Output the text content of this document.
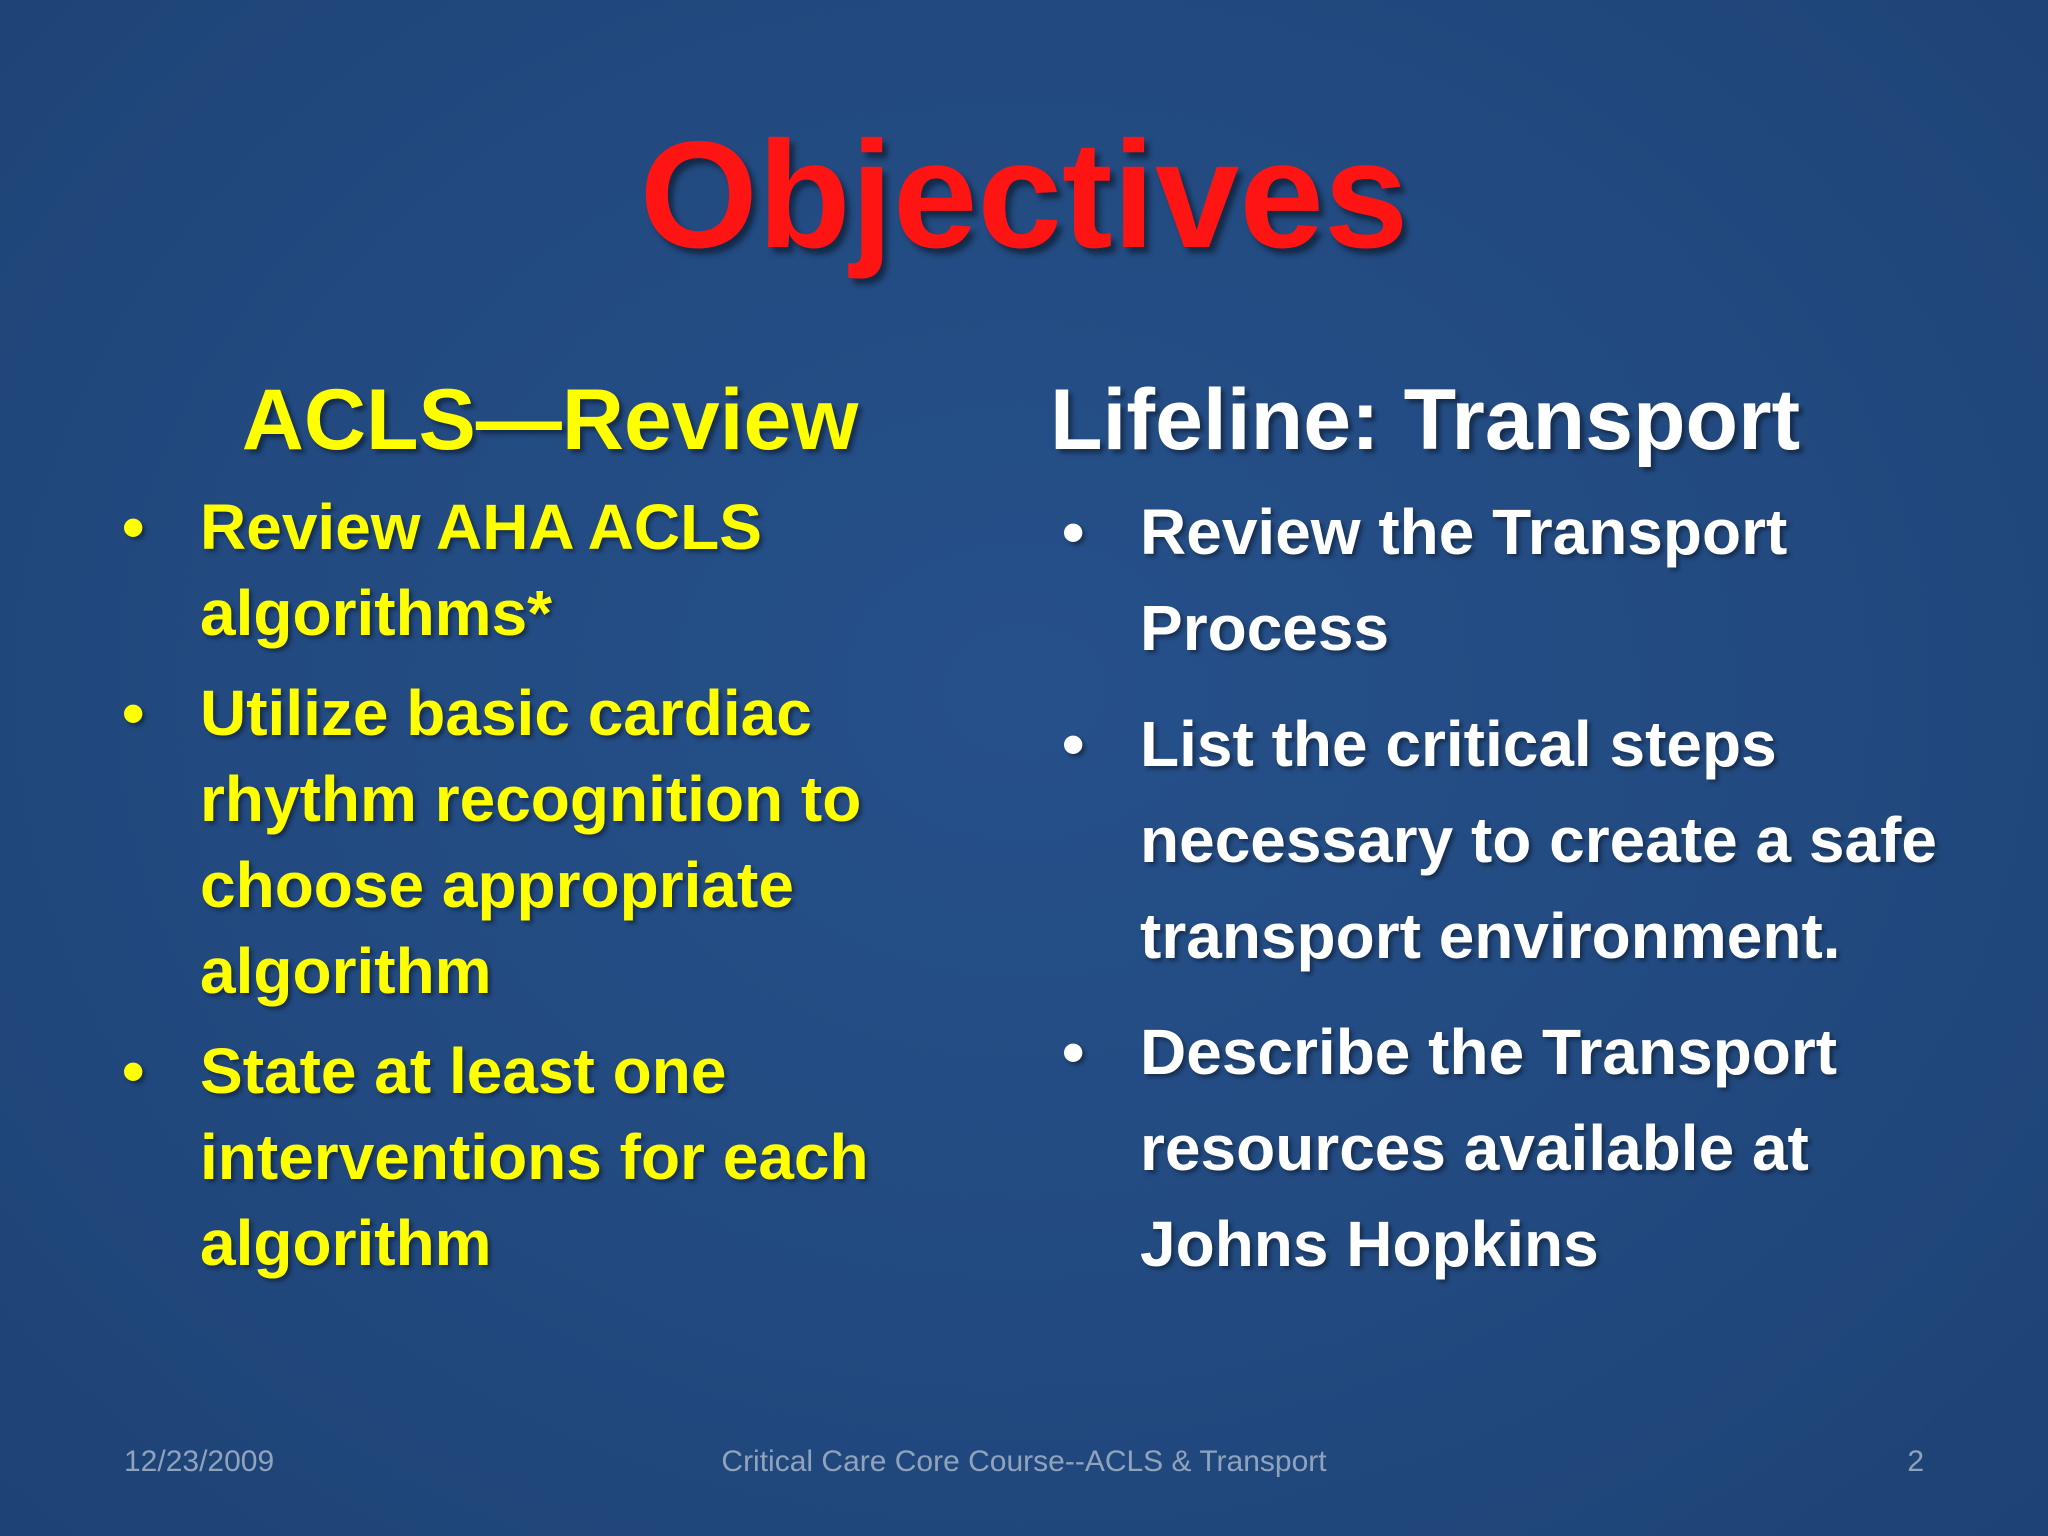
Objectives
ACLS—Review
• Review AHA ACLS algorithms*
• Utilize basic cardiac rhythm recognition to choose appropriate algorithm
• State at least one interventions for each algorithm
Lifeline: Transport
• Review the Transport Process
• List the critical steps necessary to create a safe transport environment.
• Describe the Transport resources available at Johns Hopkins
12/23/2009	Critical Care Core Course--ACLS & Transport	2
